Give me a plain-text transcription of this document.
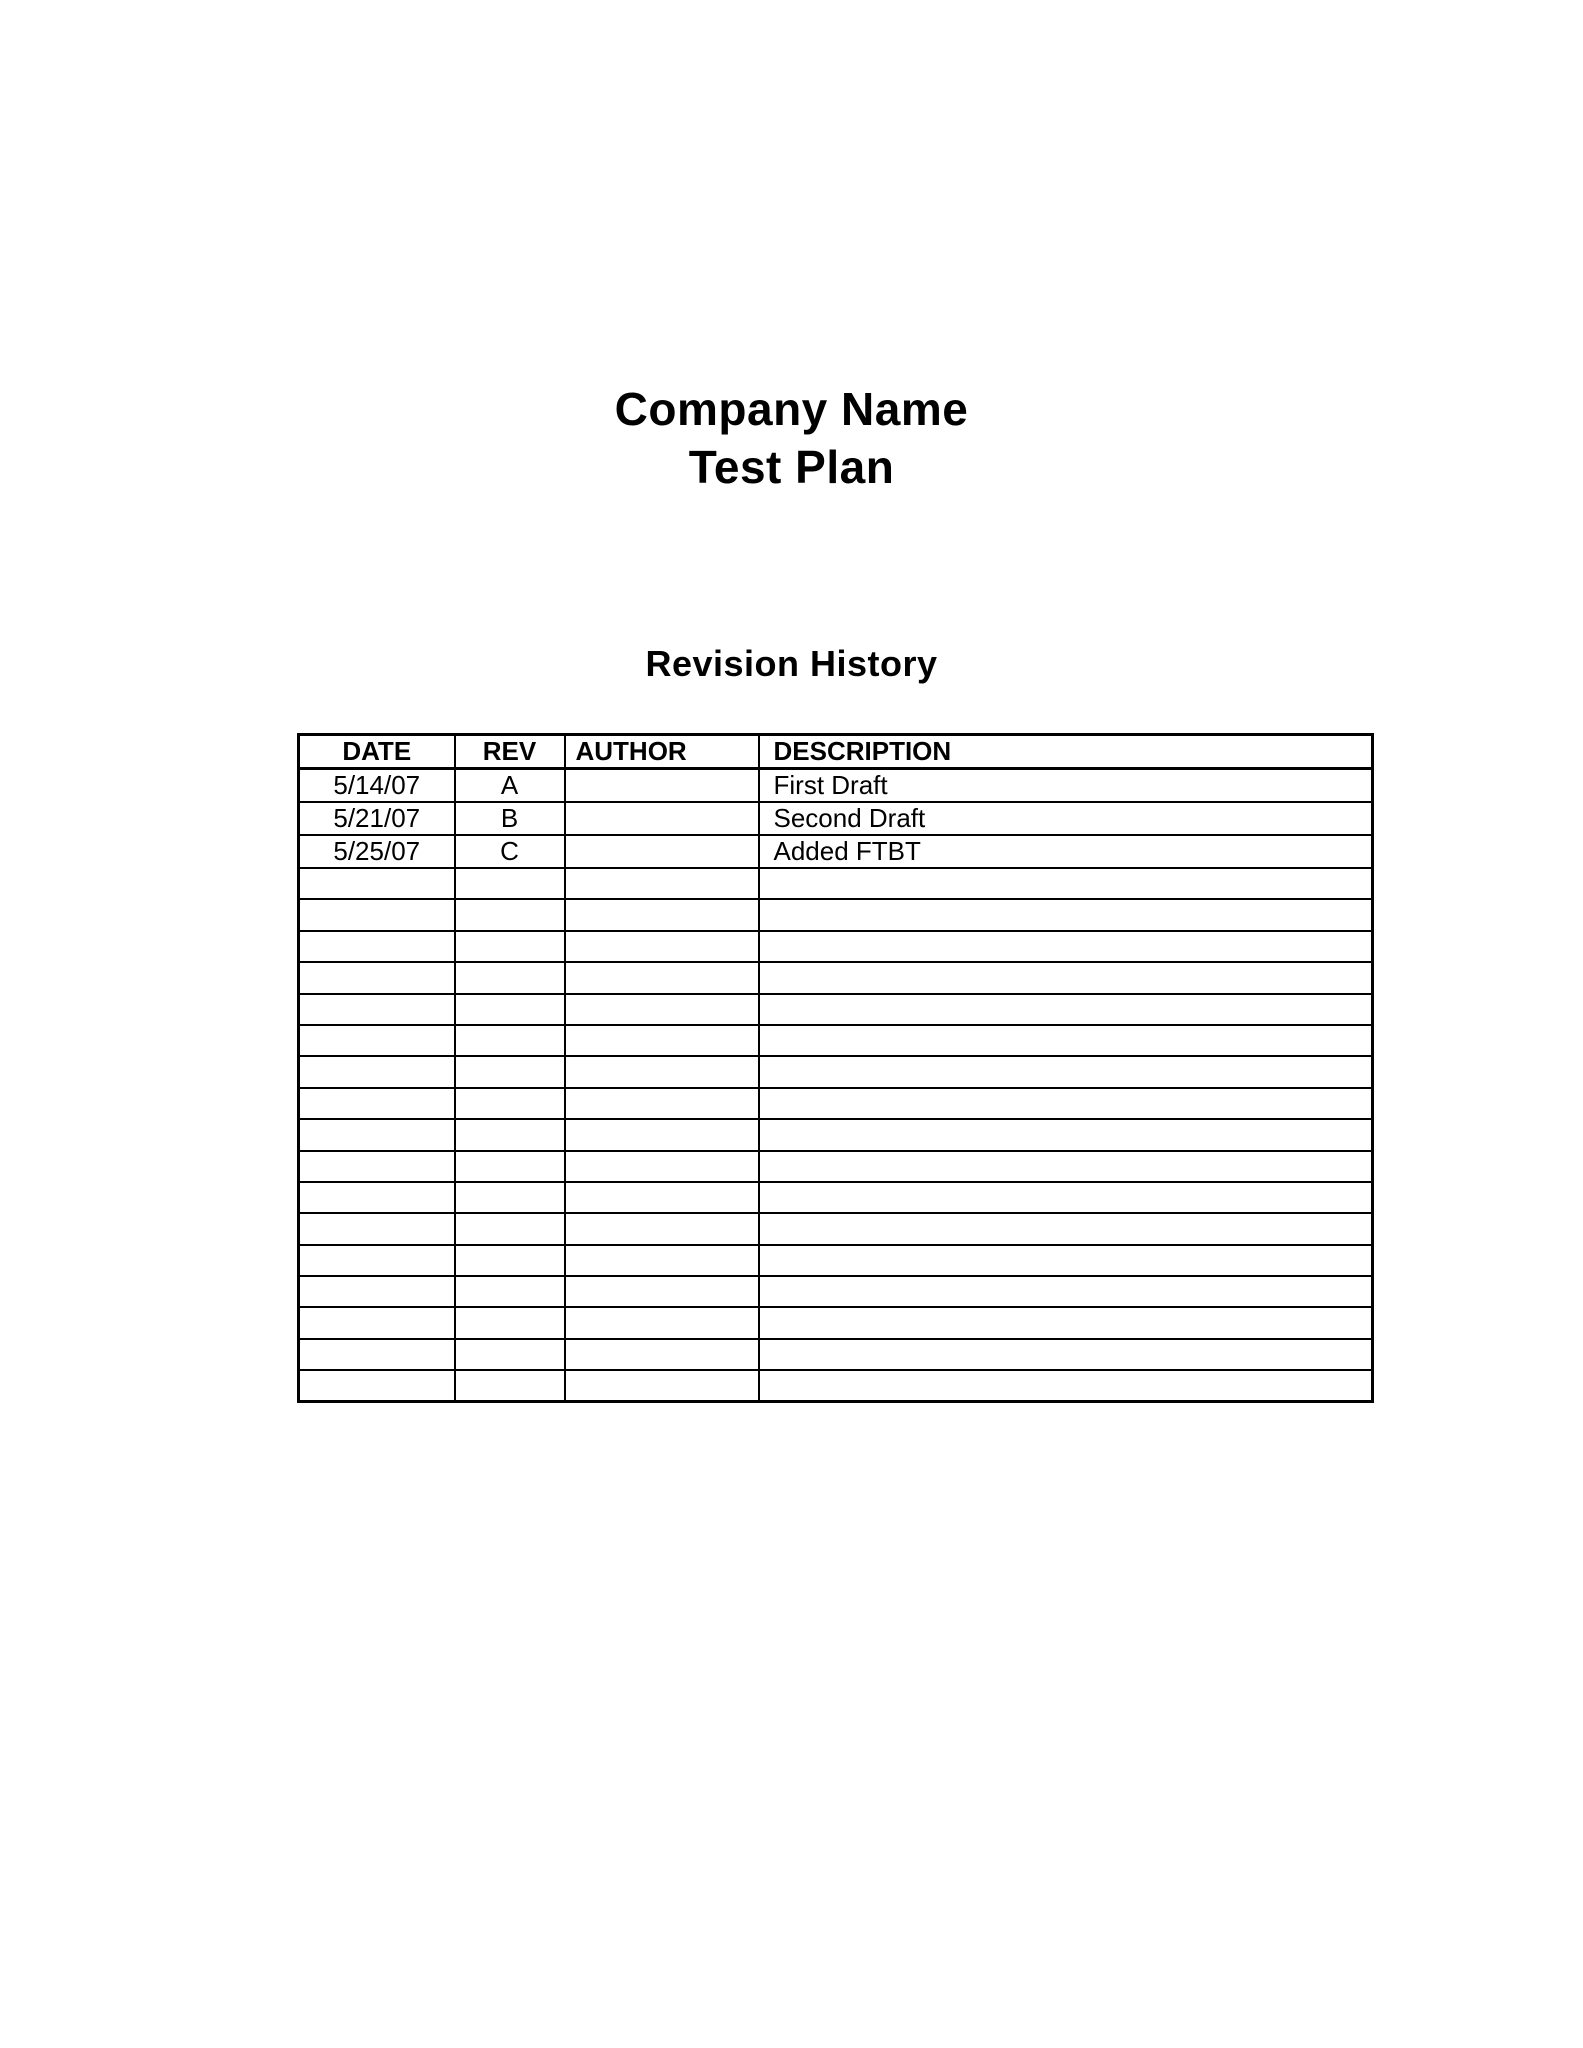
Company Name
Test Plan
Revision History
DATE	REV	AUTHOR	DESCRIPTION
5/14/07	A		First Draft
5/21/07	B		Second Draft
5/25/07	C		Added FTBT
